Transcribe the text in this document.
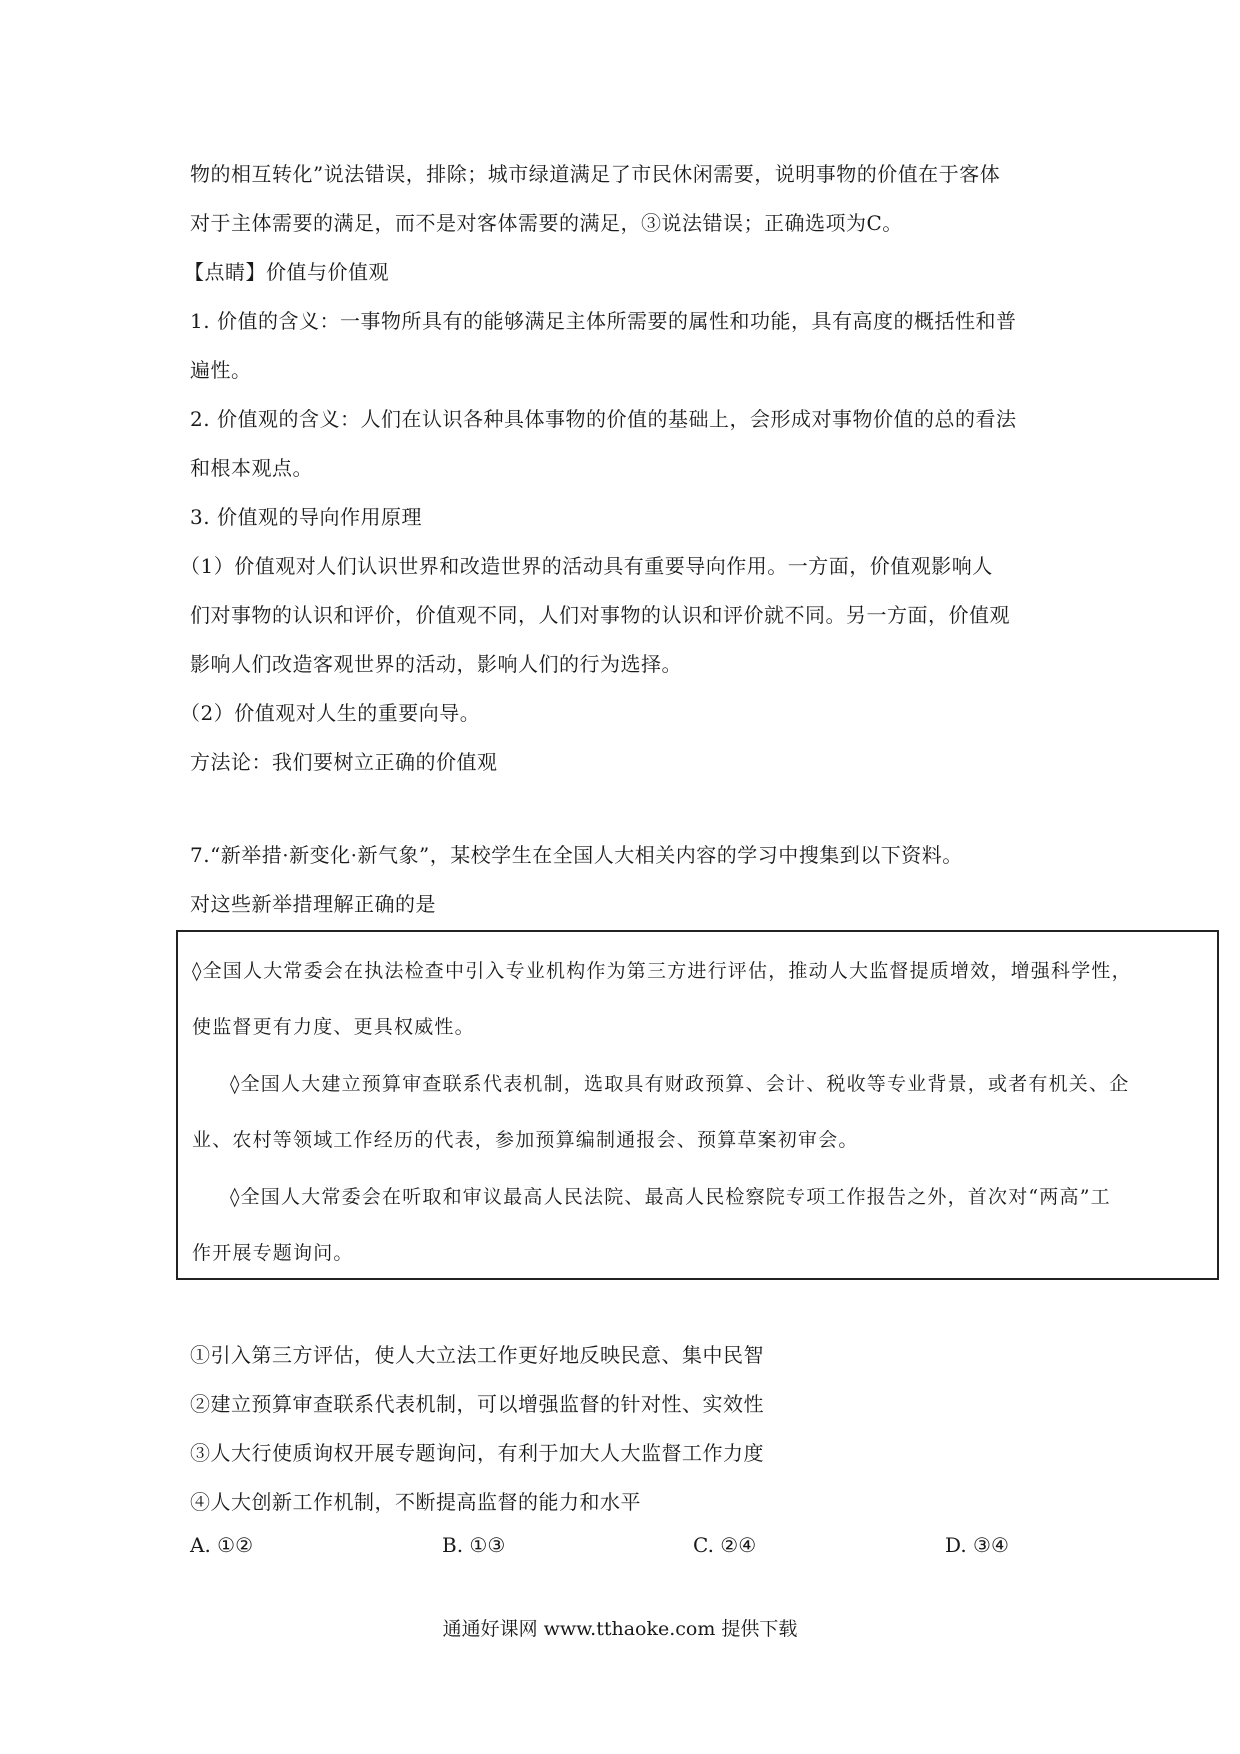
物的相互转化”说法错误，排除；城市绿道满足了市民休闲需要，说明事物的价值在于客体
对于主体需要的满足，而不是对客体需要的满足，③说法错误；正确选项为C。
【点睛】价值与价值观
1. 价值的含义：一事物所具有的能够满足主体所需要的属性和功能，具有高度的概括性和普
遍性。
2. 价值观的含义：人们在认识各种具体事物的价值的基础上，会形成对事物价值的总的看法
和根本观点。
3. 价值观的导向作用原理
（1）价值观对人们认识世界和改造世界的活动具有重要导向作用。一方面，价值观影响人
们对事物的认识和评价，价值观不同，人们对事物的认识和评价就不同。另一方面，价值观
影响人们改造客观世界的活动，影响人们的行为选择。
（2）价值观对人生的重要向导。
方法论：我们要树立正确的价值观
7.“新举措·新变化·新气象”，某校学生在全国人大相关内容的学习中搜集到以下资料。
对这些新举措理解正确的是
◊全国人大常委会在执法检查中引入专业机构作为第三方进行评估，推动人大监督提质增效，增强科学性，
使监督更有力度、更具权威性。
◊全国人大建立预算审查联系代表机制，选取具有财政预算、会计、税收等专业背景，或者有机关、企
业、农村等领域工作经历的代表，参加预算编制通报会、预算草案初审会。
◊全国人大常委会在听取和审议最高人民法院、最高人民检察院专项工作报告之外，首次对“两高”工
作开展专题询问。
①引入第三方评估，使人大立法工作更好地反映民意、集中民智
②建立预算审查联系代表机制，可以增强监督的针对性、实效性
③人大行使质询权开展专题询问，有利于加大人大监督工作力度
④人大创新工作机制，不断提高监督的能力和水平
A. ①②	B. ①③	C. ②④	D. ③④
通通好课网 www.tthaoke.com 提供下载
